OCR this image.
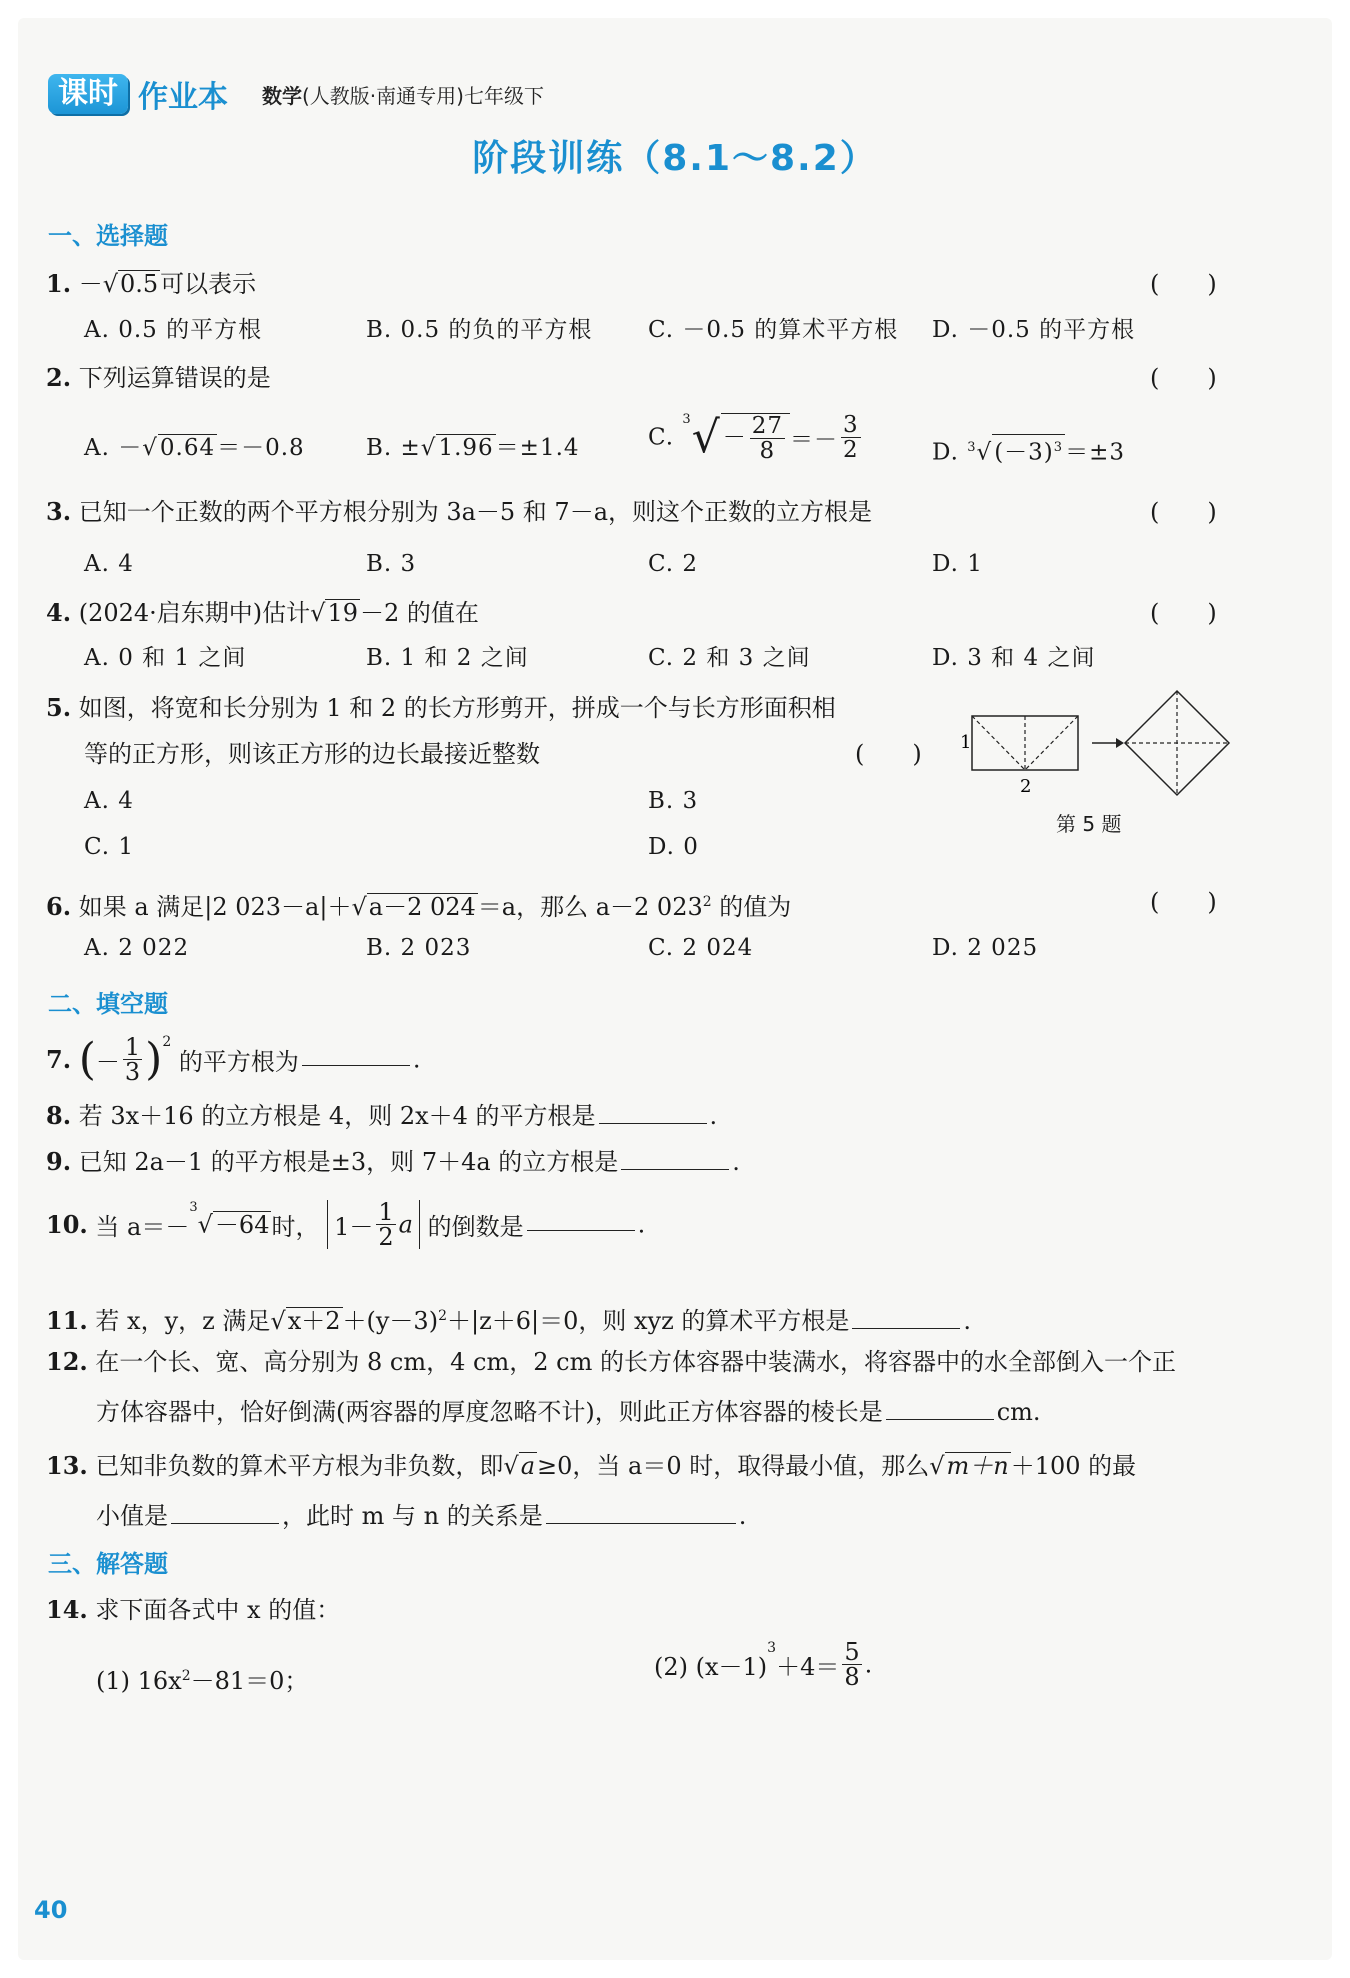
课时 作业本 数学(人教版·南通专用)七年级下
阶段训练（8.1～8.2）
一、选择题
1. －√0.5可以表示	(　　)
A. 0.5 的平方根	B. 0.5 的负的平方根 C. －0.5 的算术平方根 D. －0.5 的平方根
2. 下列运算错误的是	(　　)
A. －√0.64＝－0.8	B. ±√1.96＝±1.4	C. $^3√- \frac{27}{8} =- \frac{3}{2}$	D. $^3√(-3)^3=\pm 3$
3. 已知一个正数的两个平方根分别为 3a－5 和 7－a，则这个正数的立方根是	(　　)
A. 4	B. 3	C. 2	D. 1
4. (2024·启东期中)估计√19－2 的值在	(　　)
A. 0 和 1 之间	B. 1 和 2 之间	C. 2 和 3 之间	D. 3 和 4 之间
5. 如图，将宽和长分别为 1 和 2 的长方形剪开，拼成一个与长方形面积相
等的正方形，则该正方形的边长最接近整数	(　　)
A. 4	B. 3
C. 1	D. 0
1
2
第 5 题
6. 如果 a 满足|2 023－a|＋√a－2 024＝a，那么 a－2 $023^2$ 的值为	(　　)
A. 2 022	B. 2 023	C. 2 024	D. 2 025
二、填空题
7. (－ $\frac{1}{3} )^2$ 的平方根为	.
8. 若 3x＋16 的立方根是 4，则 2x＋4 的平方根是	.
9. 已知 2a－1 的平方根是±3，则 7＋4a 的立方根是	.
10. 当 a＝－$^3$√－64时， $1- \frac{1}{2}$ a 的倒数是	.
11. 若 x，y，z 满足$√x+2+(y-3)^2+|z+6|=0$，则 xyz 的算术平方根是	.
12. 在一个长、宽、高分别为 8 cm，4 cm，2 cm 的长方体容器中装满水，将容器中的水全部倒入一个正
方体容器中，恰好倒满(两容器的厚度忽略不计)，则此正方体容器的棱长是	cm.
13. 已知非负数的算术平方根为非负数，即√a≥0，当 a＝0 时，取得最小值，那么√m＋n＋100 的最
小值是	，此时 m 与 n 的关系是	.
三、解答题
14. 求下面各式中 x 的值：
(1) $16x^2-81=0$；	(2) $(x-1)^3+4= \frac{5}{8}$ .
40
